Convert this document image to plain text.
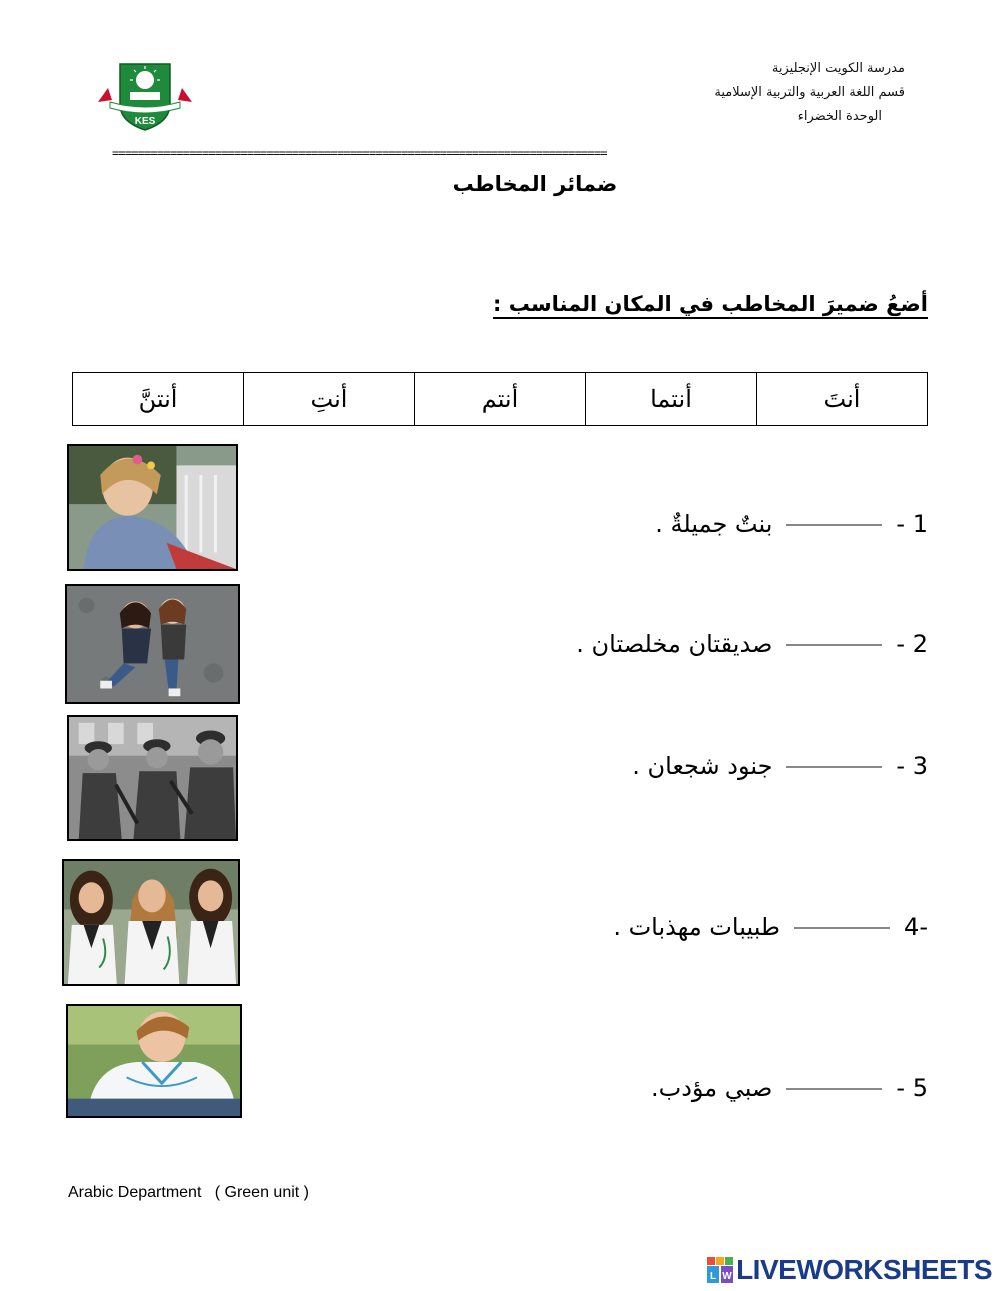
KES
مدرسة الكويت الإنجليزية
قسم اللغة العربية والتربية الإسلامية
الوحدة الخضراء
=============================================================================
ضمائر المخاطب
أضعُ ضميرَ المخاطب في المكان المناسب :
أنتَ	أنتما	أنتم	أنتِ	أنتنَّ
1 -بنتٌ جميلةٌ .
2 -صديقتان مخلصتان .
3 -جنود شجعان .
-4طبيبات مهذبات .
5 -صبي مؤدب.
Arabic Department   ( Green unit )
L W LIVEWORKSHEETS
